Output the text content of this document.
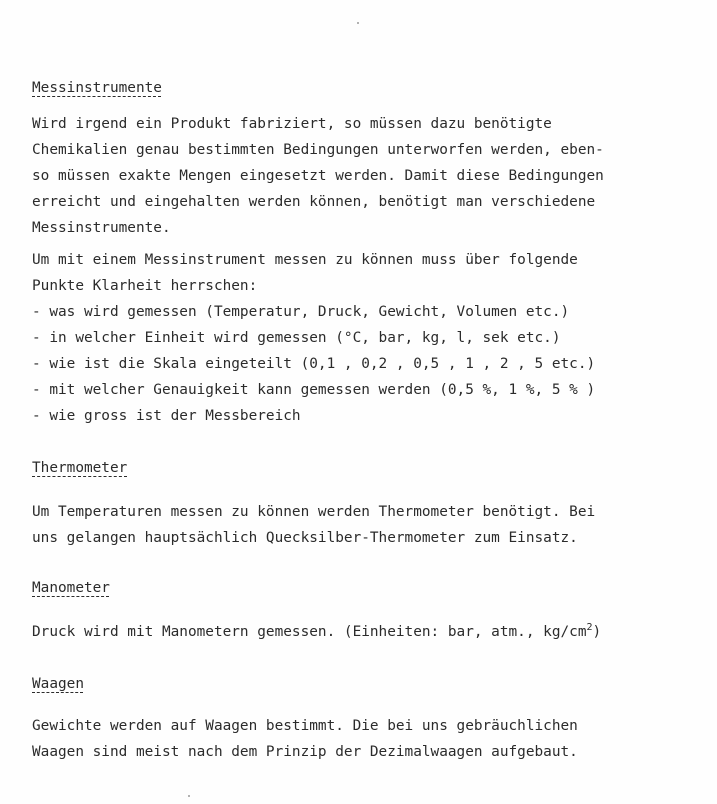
Messinstrumente
Wird irgend ein Produkt fabriziert, so müssen dazu benötigte
Chemikalien genau bestimmten Bedingungen unterworfen werden, eben-
so müssen exakte Mengen eingesetzt werden. Damit diese Bedingungen
erreicht und eingehalten werden können, benötigt man verschiedene
Messinstrumente.
Um mit einem Messinstrument messen zu können muss über folgende
Punkte Klarheit herrschen:
- was wird gemessen (Temperatur, Druck, Gewicht, Volumen etc.)
- in welcher Einheit wird gemessen (°C, bar, kg, l, sek etc.)
- wie ist die Skala eingeteilt (0,1 , 0,2 , 0,5 , 1 , 2 , 5 etc.)
- mit welcher Genauigkeit kann gemessen werden (0,5 %, 1 %, 5 % )
- wie gross ist der Messbereich
Thermometer
Um Temperaturen messen zu können werden Thermometer benötigt. Bei
uns gelangen hauptsächlich Quecksilber-Thermometer zum Einsatz.
Manometer
Druck wird mit Manometern gemessen. (Einheiten: bar, atm., $kg/cm^2$)
Waagen
Gewichte werden auf Waagen bestimmt. Die bei uns gebräuchlichen
Waagen sind meist nach dem Prinzip der Dezimalwaagen aufgebaut.
